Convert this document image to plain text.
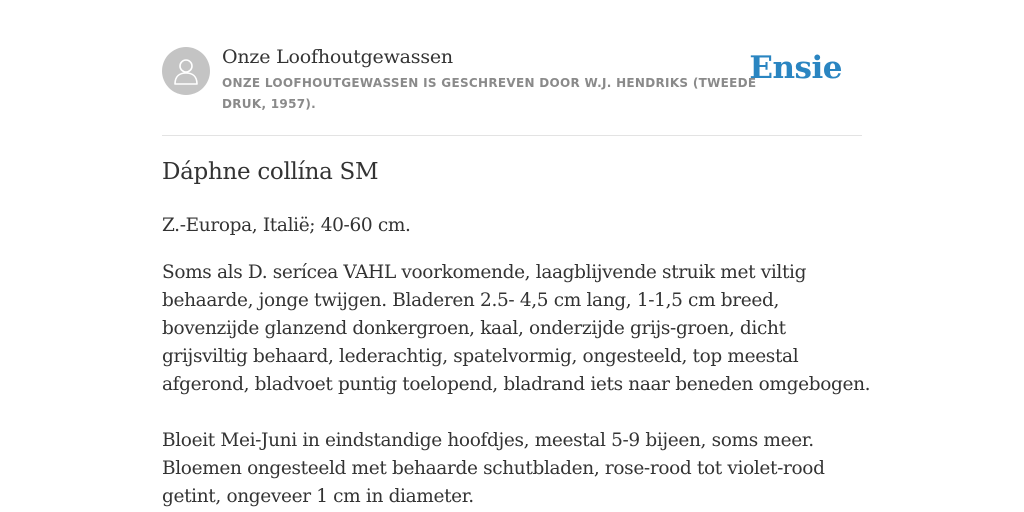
Onze Loofhoutgewassen
ONZE LOOFHOUTGEWASSEN IS GESCHREVEN DOOR W.J. HENDRIKS (TWEEDE DRUK, 1957).
Ensie
Dáphne collína SM

Z.-Europa, Italië; 40-60 cm.

Soms als D. serícea VAHL voorkomende, laagblijvende struik met viltig behaarde, jonge twijgen. Bladeren 2.5- 4,5 cm lang, 1-1,5 cm breed, bovenzijde glanzend donkergroen, kaal, onderzijde grijs-groen, dicht grijsviltig behaard, lederachtig, spatelvormig, ongesteeld, top meestal afgerond, bladvoet puntig toelopend, bladrand iets naar beneden omgebogen.

Bloeit Mei-Juni in eindstandige hoofdjes, meestal 5-9 bijeen, soms meer. Bloemen ongesteeld met behaarde schutbladen, rose-rood tot violet-rood getint, ongeveer 1 cm in diameter.
